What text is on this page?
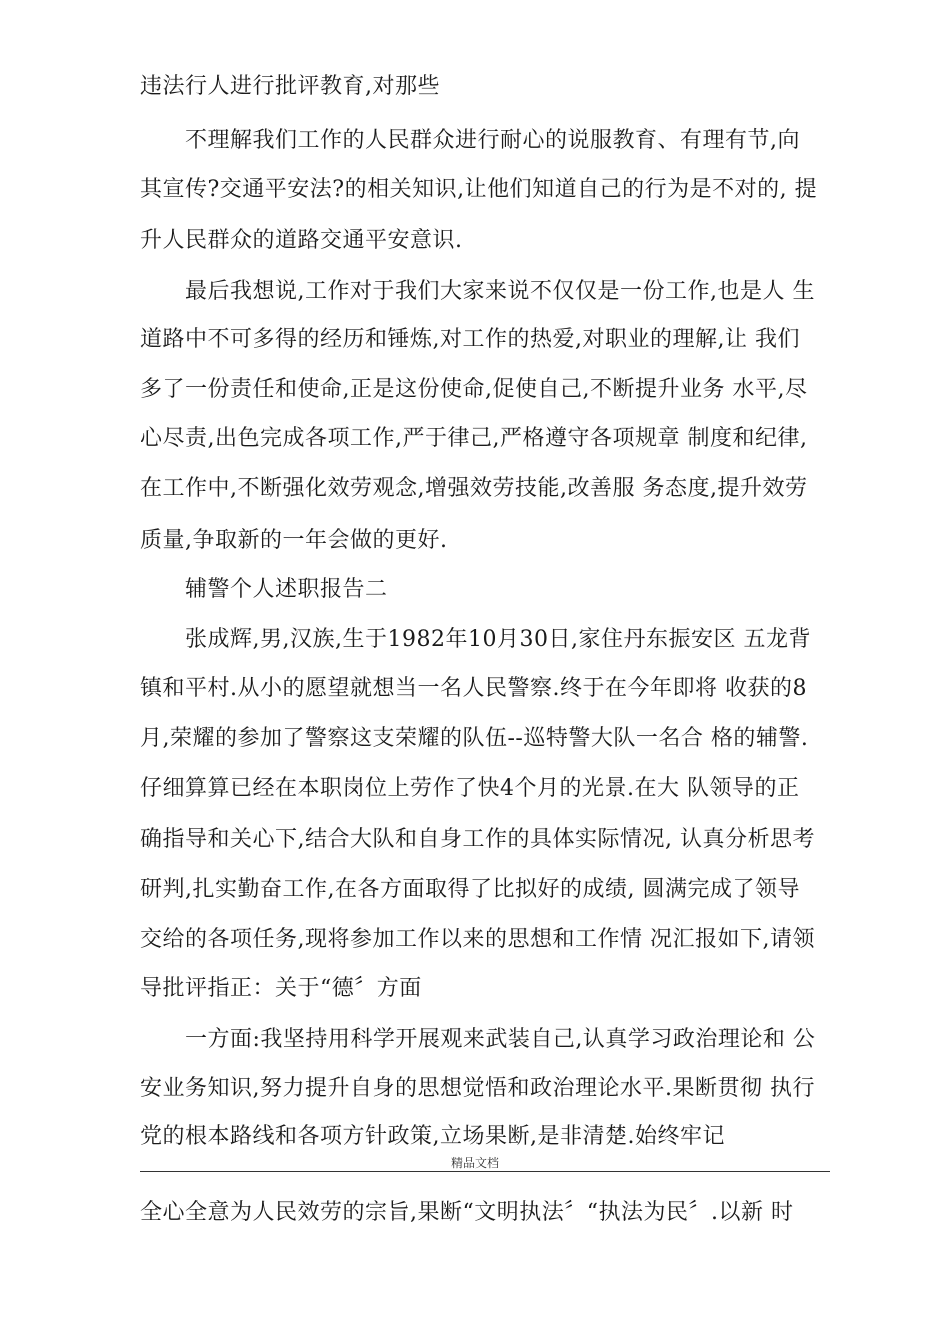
违法行人进行批评教育,对那些
　　不理解我们工作的人民群众进行耐心的说服教育、有理有节,向
其宣传?交通平安法?的相关知识,让他们知道自己的行为是不对的, 提
升人民群众的道路交通平安意识.
　　最后我想说,工作对于我们大家来说不仅仅是一份工作,也是人 生
道路中不可多得的经历和锤炼,对工作的热爱,对职业的理解,让 我们
多了一份责任和使命,正是这份使命,促使自己,不断提升业务 水平,尽
心尽责,出色完成各项工作,严于律己,严格遵守各项规章 制度和纪律,
在工作中,不断强化效劳观念,增强效劳技能,改善服 务态度,提升效劳
质量,争取新的一年会做的更好.
　　辅警个人述职报告二
　　张成辉,男,汉族,生于1982年10月30日,家住丹东振安区 五龙背
镇和平村.从小的愿望就想当一名人民警察.终于在今年即将 收获的8
月,荣耀的参加了警察这支荣耀的队伍--巡特警大队一名合 格的辅警.
仔细算算已经在本职岗位上劳作了快4个月的光景.在大 队领导的正
确指导和关心下,结合大队和自身工作的具体实际情况, 认真分析思考
研判,扎实勤奋工作,在各方面取得了比拟好的成绩, 圆满完成了领导
交给的各项任务,现将参加工作以来的思想和工作情 况汇报如下,请领
导批评指正：关于“德〞方面
　　一方面:我坚持用科学开展观来武装自己,认真学习政治理论和 公
安业务知识,努力提升自身的思想觉悟和政治理论水平.果断贯彻 执行
党的根本路线和各项方针政策,立场果断,是非清楚.始终牢记
精品文档
全心全意为人民效劳的宗旨,果断“文明执法〞“执法为民〞.以新 时
